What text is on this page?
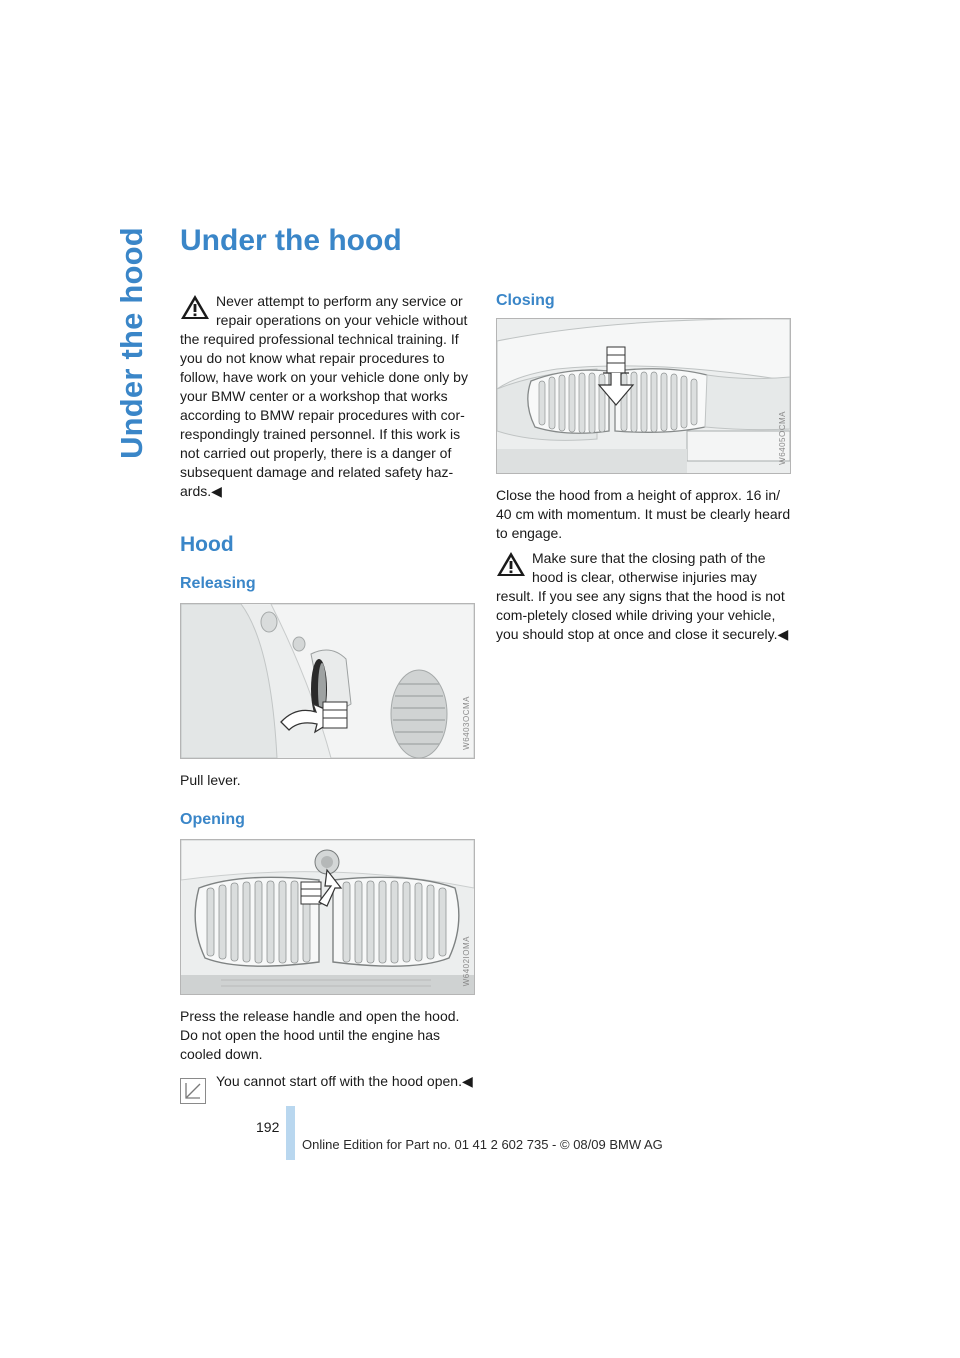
Under the hood Under the hood

Never attempt to perform any service or
repair operations on your vehicle without

the required professional technical training. If you do not know what repair procedures to follow, have work on your vehicle done only by your BMW center or a workshop that works according to BMW repair procedures with cor-respondingly trained personnel. If this work is not carried out properly, there is a danger of subsequent damage and related safety haz-ards.◀

Hood
Releasing
W6403OCMA

Pull lever.

Opening
W6402IOMA

Press the release handle and open the hood. Do not open the hood until the engine has cooled down.

You cannot start off with the hood open.◀

Closing
W6405OCMA

Close the hood from a height of approx. 16 in/ 40 cm with momentum. It must be clearly heard to engage.

Make sure that the closing path of the
hood is clear, otherwise injuries may

result. If you see any signs that the hood is not com-pletely closed while driving your vehicle, you should stop at once and close it securely.◀

192
Online Edition for Part no. 01 41 2 602 735 - © 08/09 BMW AG
